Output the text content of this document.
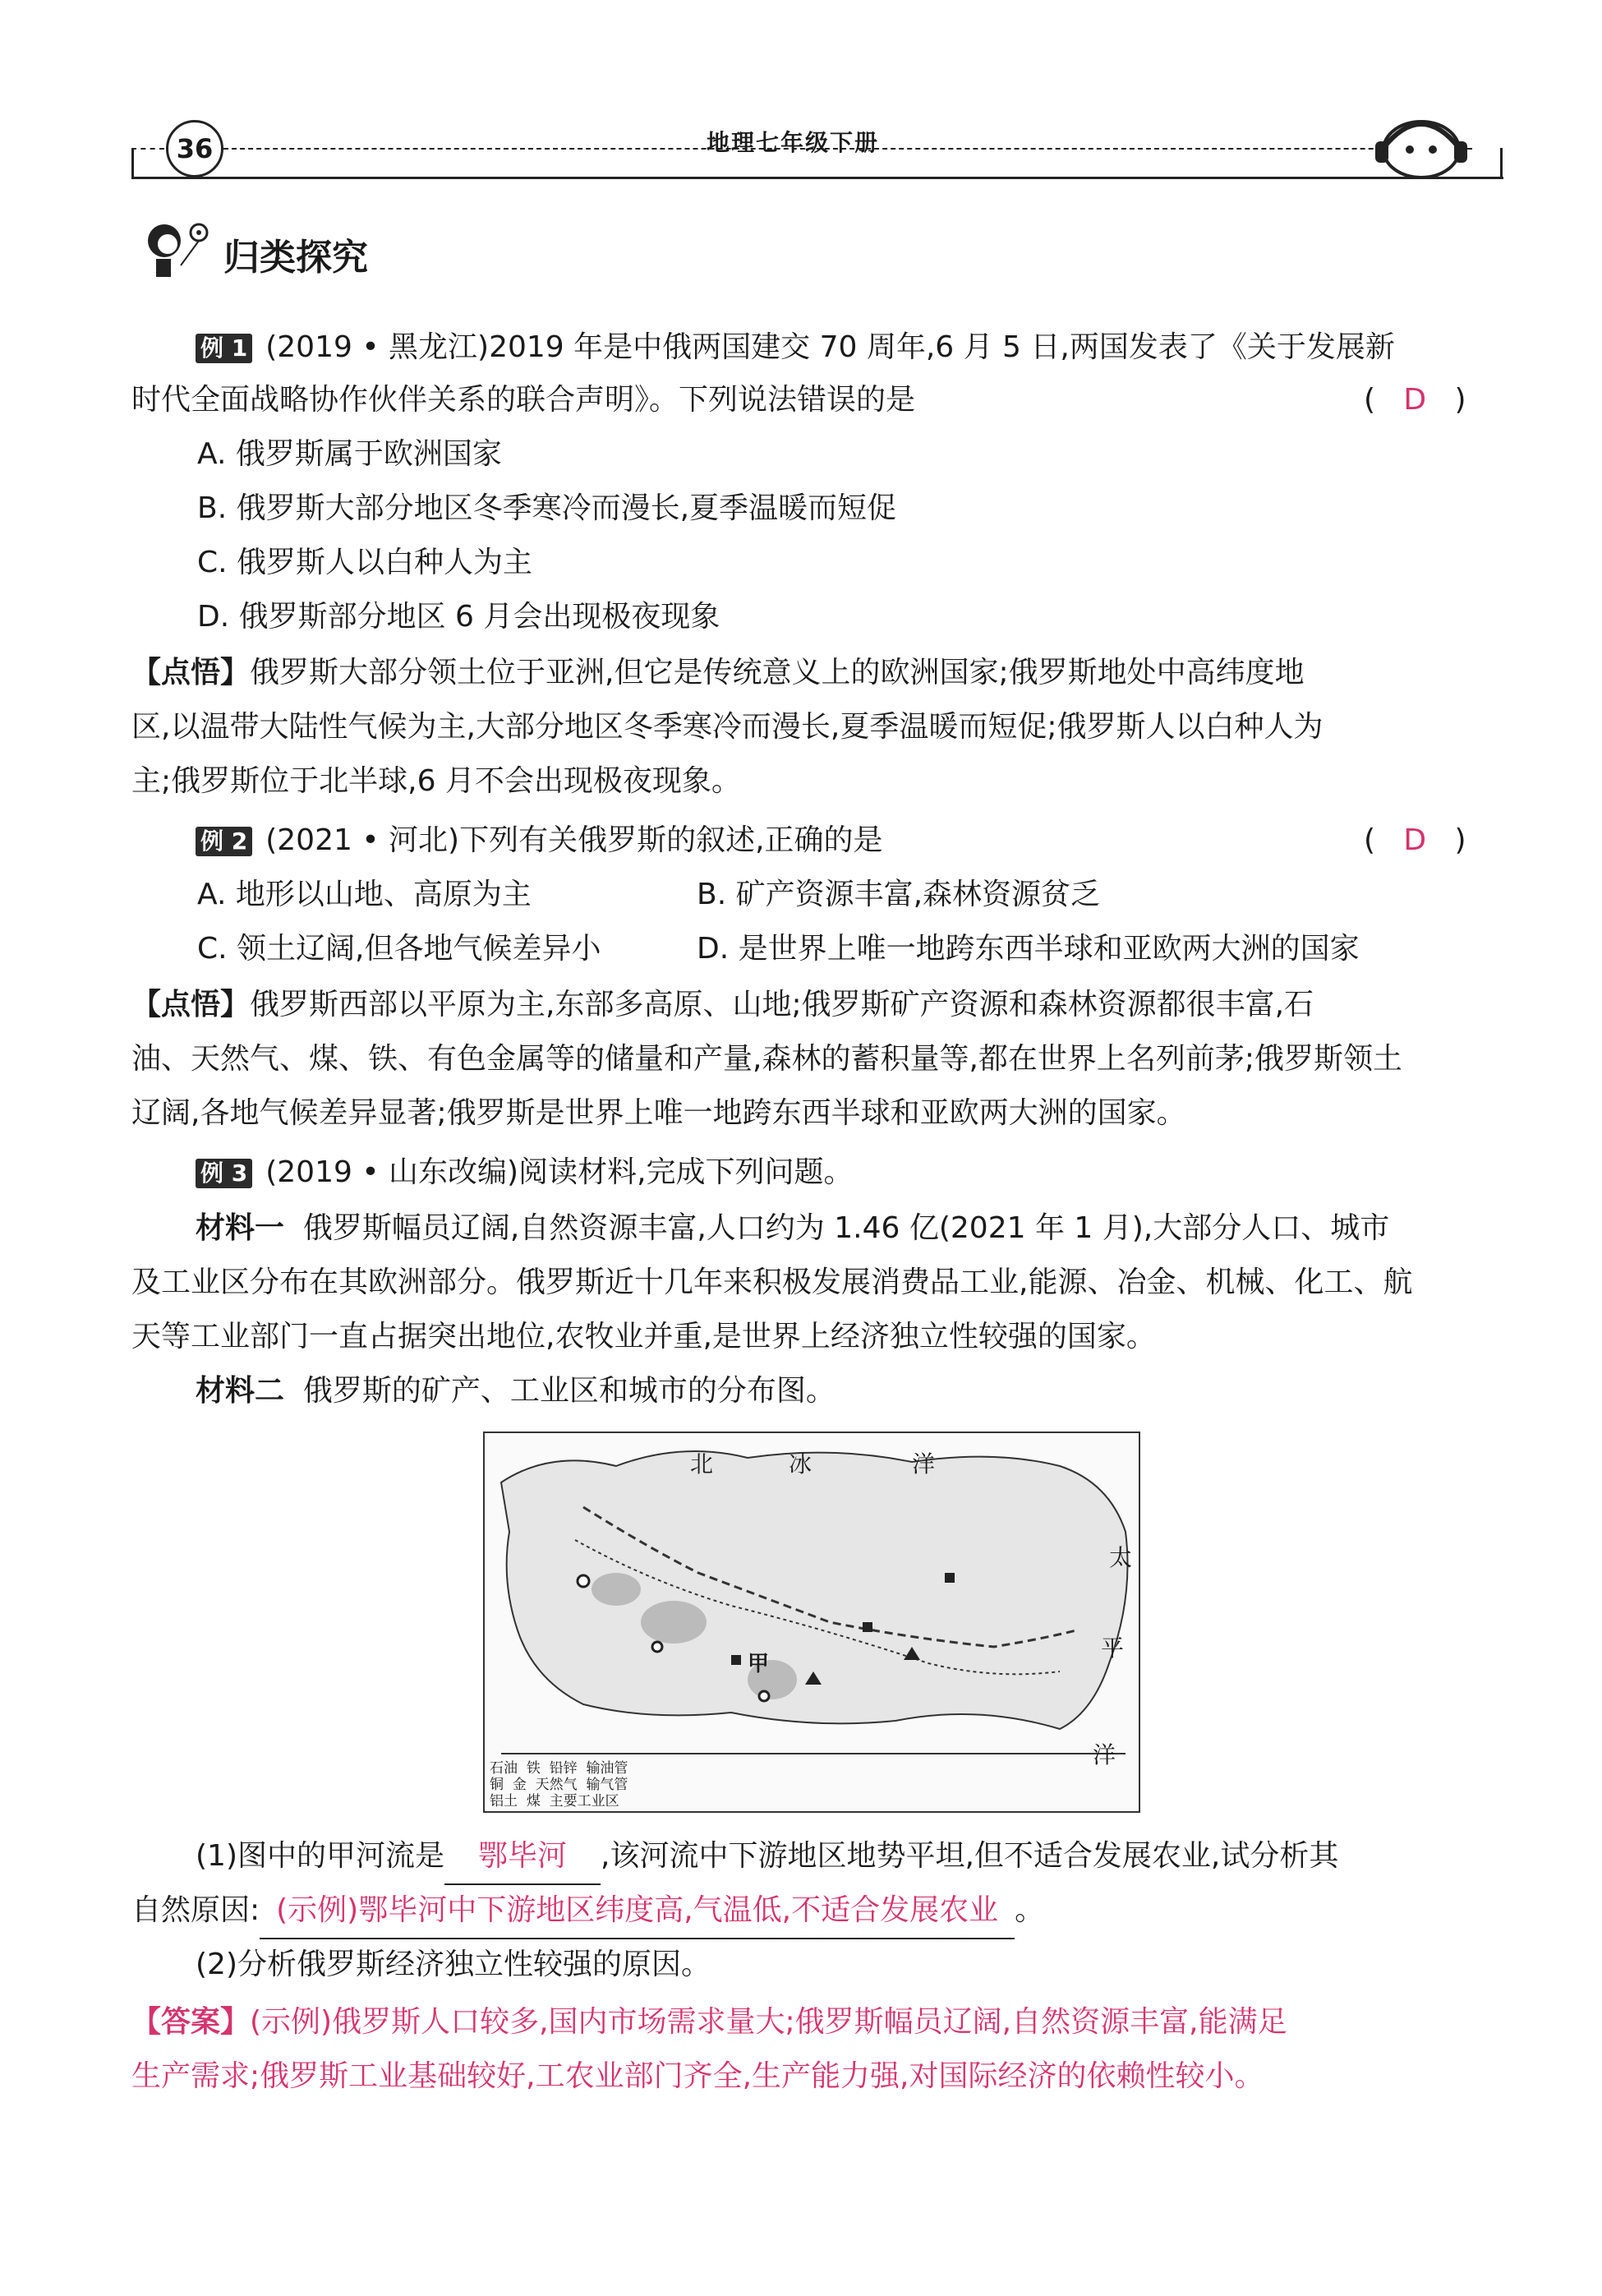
36	地理七年级下册
归类探究
例 1 (2019 • 黑龙江)2019 年是中俄两国建交 70 周年,6 月 5 日,两国发表了《关于发展新
时代全面战略协作伙伴关系的联合声明》。下列说法错误的是	(   D   )
A. 俄罗斯属于欧洲国家
B. 俄罗斯大部分地区冬季寒冷而漫长,夏季温暖而短促
C. 俄罗斯人以白种人为主
D. 俄罗斯部分地区 6 月会出现极夜现象
【点悟】俄罗斯大部分领土位于亚洲,但它是传统意义上的欧洲国家;俄罗斯地处中高纬度地
区,以温带大陆性气候为主,大部分地区冬季寒冷而漫长,夏季温暖而短促;俄罗斯人以白种人为
主;俄罗斯位于北半球,6 月不会出现极夜现象。
例 2 (2021 • 河北)下列有关俄罗斯的叙述,正确的是	(   D   )
A. 地形以山地、高原为主	B. 矿产资源丰富,森林资源贫乏
C. 领土辽阔,但各地气候差异小	D. 是世界上唯一地跨东西半球和亚欧两大洲的国家
【点悟】俄罗斯西部以平原为主,东部多高原、山地;俄罗斯矿产资源和森林资源都很丰富,石
油、天然气、煤、铁、有色金属等的储量和产量,森林的蓄积量等,都在世界上名列前茅;俄罗斯领土
辽阔,各地气候差异显著;俄罗斯是世界上唯一地跨东西半球和亚欧两大洲的国家。
例 3 (2019 • 山东改编)阅读材料,完成下列问题。
材料一 俄罗斯幅员辽阔,自然资源丰富,人口约为 1.46 亿(2021 年 1 月),大部分人口、城市
及工业区分布在其欧洲部分。俄罗斯近十几年来积极发展消费品工业,能源、冶金、机械、化工、航
天等工业部门一直占据突出地位,农牧业并重,是世界上经济独立性较强的国家。
材料二 俄罗斯的矿产、工业区和城市的分布图。
北	冰	洋
太
平
洋
甲
石油 铁 铅锌 输油管
铜 金 天然气 输气管
铝土 煤 主要工业区
(1)图中的甲河流是 鄂毕河 ,该河流中下游地区地势平坦,但不适合发展农业,试分析其
自然原因: (示例)鄂毕河中下游地区纬度高,气温低,不适合发展农业 。
(2)分析俄罗斯经济独立性较强的原因。
【答案】(示例)俄罗斯人口较多,国内市场需求量大;俄罗斯幅员辽阔,自然资源丰富,能满足
生产需求;俄罗斯工业基础较好,工农业部门齐全,生产能力强,对国际经济的依赖性较小。
